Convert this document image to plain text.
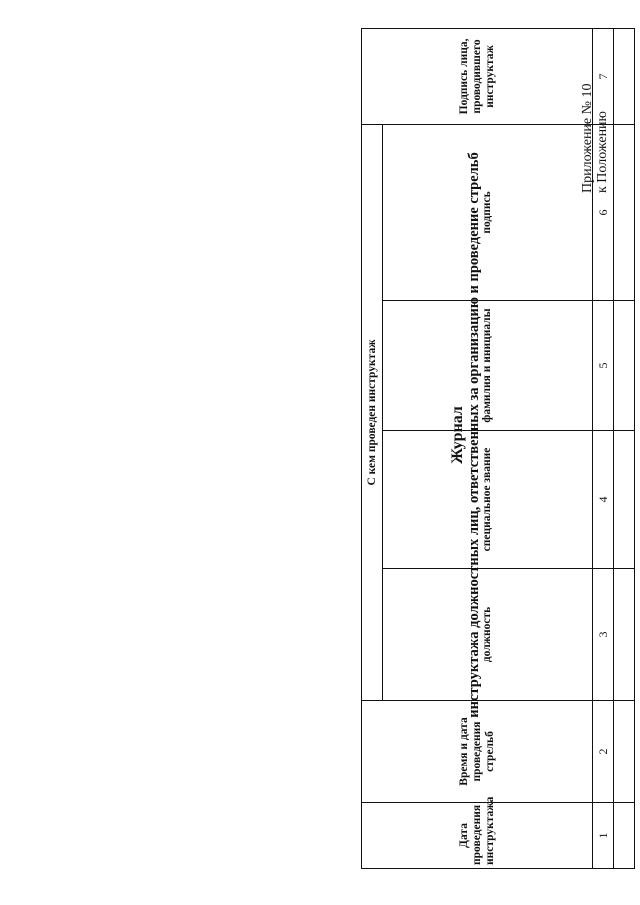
Приложение № 10 к Положению
Журнал инструктажа должностных лиц, ответственных за организацию и проведение стрельб
Дата проведения инструктажа	Время и дата проведения стрельб	С кем проведен инструктаж				Подпись лица, проводившего инструктаж
		должность	специальное звание	фамилия и инициалы	подпись	
1	2	3	4	5	6	7
